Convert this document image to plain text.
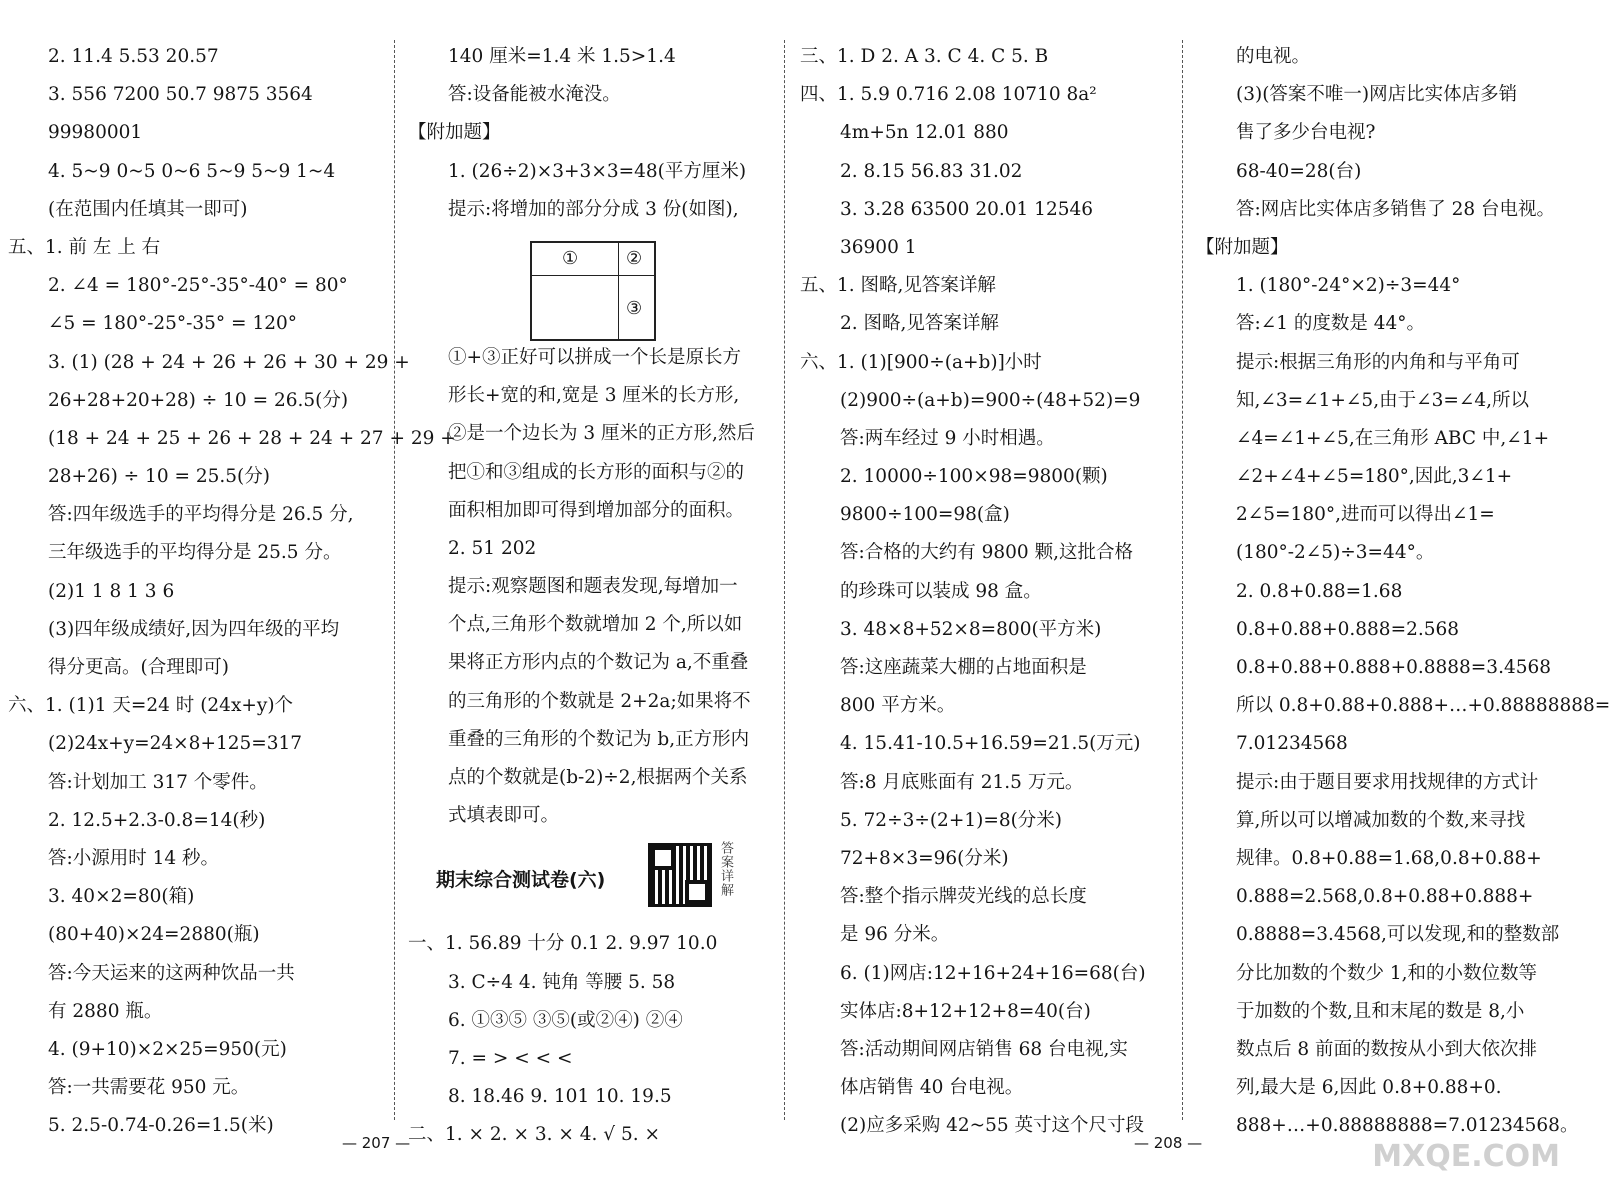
2. 11.4 5.53 20.57
3. 556 7200 50.7 9875 3564
99980001
4. 5~9 0~5 0~6 5~9 5~9 1~4
(在范围内任填其一即可)
五、1. 前 左 上 右
2. ∠4 = 180°-25°-35°-40° = 80°
∠5 = 180°-25°-35° = 120°
3. (1) (28 + 24 + 26 + 26 + 30 + 29 +
26+28+20+28) ÷ 10 = 26.5(分)
(18 + 24 + 25 + 26 + 28 + 24 + 27 + 29 +
28+26) ÷ 10 = 25.5(分)
答:四年级选手的平均得分是 26.5 分,
三年级选手的平均得分是 25.5 分。
(2)1 1 8 1 3 6
(3)四年级成绩好,因为四年级的平均
得分更高。(合理即可)
六、1. (1)1 天=24 时 (24x+y)个
(2)24x+y=24×8+125=317
答:计划加工 317 个零件。
2. 12.5+2.3-0.8=14(秒)
答:小源用时 14 秒。
3. 40×2=80(箱)
(80+40)×24=2880(瓶)
答:今天运来的这两种饮品一共
有 2880 瓶。
4. (9+10)×2×25=950(元)
答:一共需要花 950 元。
5. 2.5-0.74-0.26=1.5(米)
140 厘米=1.4 米 1.5>1.4
答:设备能被水淹没。
【附加题】
1. (26÷2)×3+3×3=48(平方厘米)
提示:将增加的部分分成 3 份(如图),
①	②
③
①+③正好可以拼成一个长是原长方
形长+宽的和,宽是 3 厘米的长方形,
②是一个边长为 3 厘米的正方形,然后
把①和③组成的长方形的面积与②的
面积相加即可得到增加部分的面积。
2. 51 202
提示:观察题图和题表发现,每增加一
个点,三角形个数就增加 2 个,所以如
果将正方形内点的个数记为 a,不重叠
的三角形的个数就是 2+2a;如果将不
重叠的三角形的个数记为 b,正方形内
点的个数就是(b-2)÷2,根据两个关系
式填表即可。
期末综合测试卷(六)	答案详解
一、1. 56.89 十分 0.1 2. 9.97 10.0
3. C÷4 4. 钝角 等腰 5. 58
6. ①③⑤ ③⑤(或②④) ②④
7. = > < < <
8. 18.46 9. 101 10. 19.5
二、1. × 2. × 3. × 4. √ 5. ×
三、1. D 2. A 3. C 4. C 5. B
四、1. 5.9 0.716 2.08 10710 8a²
4m+5n 12.01 880
2. 8.15 56.83 31.02
3. 3.28 63500 20.01 12546
36900 1
五、1. 图略,见答案详解
2. 图略,见答案详解
六、1. (1)[900÷(a+b)]小时
(2)900÷(a+b)=900÷(48+52)=9
答:两车经过 9 小时相遇。
2. 10000÷100×98=9800(颗)
9800÷100=98(盒)
答:合格的大约有 9800 颗,这批合格
的珍珠可以装成 98 盒。
3. 48×8+52×8=800(平方米)
答:这座蔬菜大棚的占地面积是
800 平方米。
4. 15.41-10.5+16.59=21.5(万元)
答:8 月底账面有 21.5 万元。
5. 72÷3÷(2+1)=8(分米)
72+8×3=96(分米)
答:整个指示牌荧光线的总长度
是 96 分米。
6. (1)网店:12+16+24+16=68(台)
实体店:8+12+12+8=40(台)
答:活动期间网店销售 68 台电视,实
体店销售 40 台电视。
(2)应多采购 42~55 英寸这个尺寸段
的电视。
(3)(答案不唯一)网店比实体店多销
售了多少台电视?
68-40=28(台)
答:网店比实体店多销售了 28 台电视。
【附加题】
1. (180°-24°×2)÷3=44°
答:∠1 的度数是 44°。
提示:根据三角形的内角和与平角可
知,∠3=∠1+∠5,由于∠3=∠4,所以
∠4=∠1+∠5,在三角形 ABC 中,∠1+
∠2+∠4+∠5=180°,因此,3∠1+
2∠5=180°,进而可以得出∠1=
(180°-2∠5)÷3=44°。
2. 0.8+0.88=1.68
0.8+0.88+0.888=2.568
0.8+0.88+0.888+0.8888=3.4568
所以 0.8+0.88+0.888+…+0.88888888=
7.01234568
提示:由于题目要求用找规律的方式计
算,所以可以增减加数的个数,来寻找
规律。0.8+0.88=1.68,0.8+0.88+
0.888=2.568,0.8+0.88+0.888+
0.8888=3.4568,可以发现,和的整数部
分比加数的个数少 1,和的小数位数等
于加数的个数,且和末尾的数是 8,小
数点后 8 前面的数按从小到大依次排
列,最大是 6,因此 0.8+0.88+0.
888+…+0.88888888=7.01234568。
— 207 —	— 208 —	MXQE.COM
